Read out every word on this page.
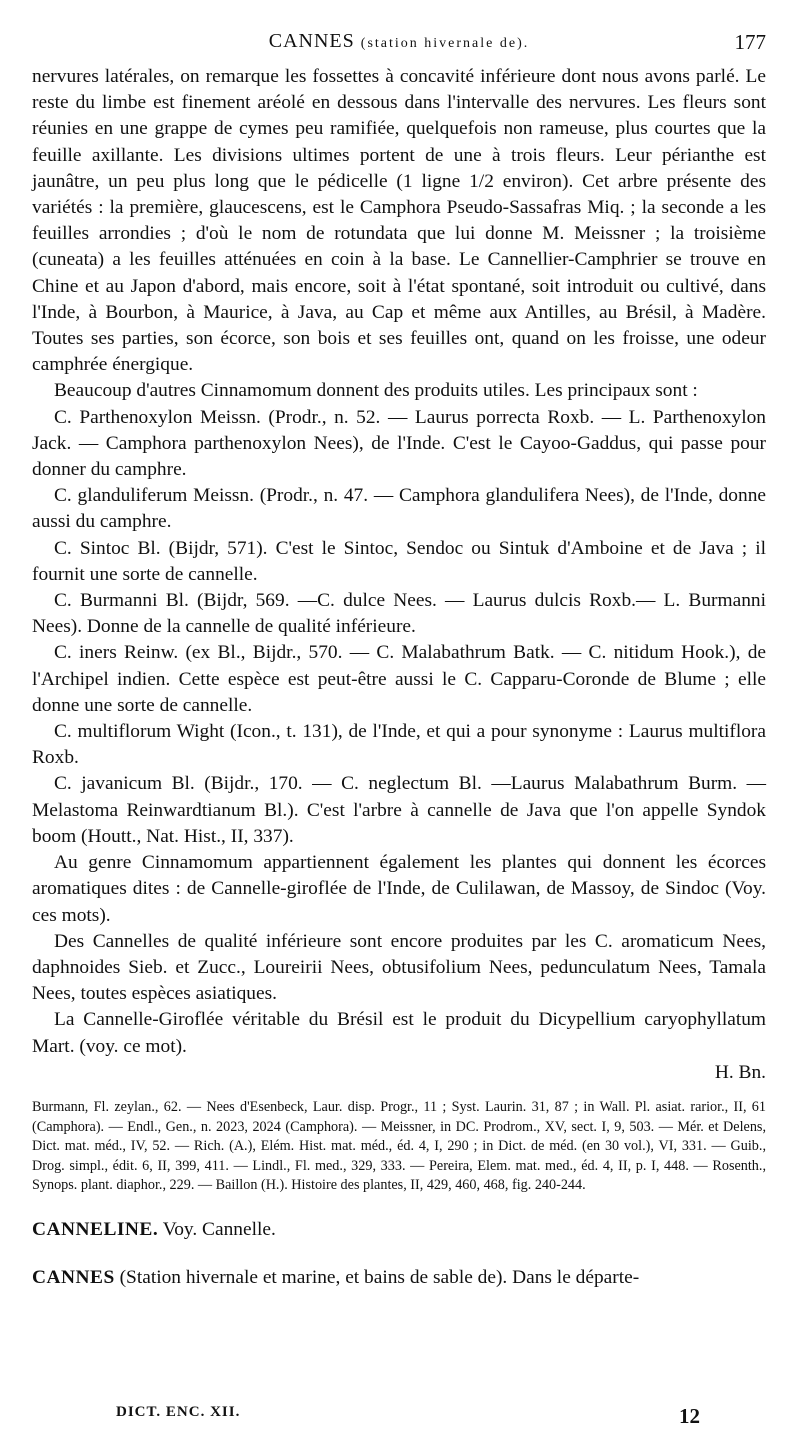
CANNES (station hivernale de).	177

nervures latérales, on remarque les fossettes à concavité inférieure dont nous avons parlé. Le reste du limbe est finement aréolé en dessous dans l'intervalle des nervures. Les fleurs sont réunies en une grappe de cymes peu ramifiée, quelquefois non rameuse, plus courtes que la feuille axillante. Les divisions ultimes portent de une à trois fleurs. Leur périanthe est jaunâtre, un peu plus long que le pédicelle (1 ligne 1/2 environ). Cet arbre présente des variétés : la première, glaucescens, est le Camphora Pseudo-Sassafras Miq. ; la seconde a les feuilles arrondies ; d'où le nom de rotundata que lui donne M. Meissner ; la troisième (cuneata) a les feuilles atténuées en coin à la base. Le Cannellier-Camphrier se trouve en Chine et au Japon d'abord, mais encore, soit à l'état spontané, soit introduit ou cultivé, dans l'Inde, à Bourbon, à Maurice, à Java, au Cap et même aux Antilles, au Brésil, à Madère. Toutes ses parties, son écorce, son bois et ses feuilles ont, quand on les froisse, une odeur camphrée énergique.

Beaucoup d'autres Cinnamomum donnent des produits utiles. Les principaux sont :

C. Parthenoxylon Meissn. (Prodr., n. 52. — Laurus porrecta Roxb. — L. Parthenoxylon Jack. — Camphora parthenoxylon Nees), de l'Inde. C'est le Cayoo-Gaddus, qui passe pour donner du camphre.

C. glanduliferum Meissn. (Prodr., n. 47. — Camphora glandulifera Nees), de l'Inde, donne aussi du camphre.

C. Sintoc Bl. (Bijdr, 571). C'est le Sintoc, Sendoc ou Sintuk d'Amboine et de Java ; il fournit une sorte de cannelle.

C. Burmanni Bl. (Bijdr, 569. —C. dulce Nees. — Laurus dulcis Roxb.— L. Burmanni Nees). Donne de la cannelle de qualité inférieure.

C. iners Reinw. (ex Bl., Bijdr., 570. — C. Malabathrum Batk. — C. nitidum Hook.), de l'Archipel indien. Cette espèce est peut-être aussi le C. Capparu-Coronde de Blume ; elle donne une sorte de cannelle.

C. multiflorum Wight (Icon., t. 131), de l'Inde, et qui a pour synonyme : Laurus multiflora Roxb.

C. javanicum Bl. (Bijdr., 170. — C. neglectum Bl. —Laurus Malabathrum Burm. — Melastoma Reinwardtianum Bl.). C'est l'arbre à cannelle de Java que l'on appelle Syndok boom (Houtt., Nat. Hist., II, 337).

Au genre Cinnamomum appartiennent également les plantes qui donnent les écorces aromatiques dites : de Cannelle-giroflée de l'Inde, de Culilawan, de Massoy, de Sindoc (Voy. ces mots).

Des Cannelles de qualité inférieure sont encore produites par les C. aromaticum Nees, daphnoides Sieb. et Zucc., Loureirii Nees, obtusifolium Nees, pedunculatum Nees, Tamala Nees, toutes espèces asiatiques.

La Cannelle-Giroflée véritable du Brésil est le produit du Dicypellium caryophyllatum Mart. (voy. ce mot).

H. Bn.

Burmann, Fl. zeylan., 62. — Nees d'Esenbeck, Laur. disp. Progr., 11 ; Syst. Laurin. 31, 87 ; in Wall. Pl. asiat. rarior., II, 61 (Camphora). — Endl., Gen., n. 2023, 2024 (Camphora). — Meissner, in DC. Prodrom., XV, sect. I, 9, 503. — Mér. et Delens, Dict. mat. méd., IV, 52. — Rich. (A.), Elém. Hist. mat. méd., éd. 4, I, 290 ; in Dict. de méd. (en 30 vol.), VI, 331. — Guib., Drog. simpl., édit. 6, II, 399, 411. — Lindl., Fl. med., 329, 333. — Pereira, Elem. mat. med., éd. 4, II, p. I, 448. — Rosenth., Synops. plant. diaphor., 229. — Baillon (H.). Histoire des plantes, II, 429, 460, 468, fig. 240-244.

CANNELINE. Voy. Cannelle.
CANNES (Station hivernale et marine, et bains de sable de). Dans le départe-
DICT. ENC. XII.	12
